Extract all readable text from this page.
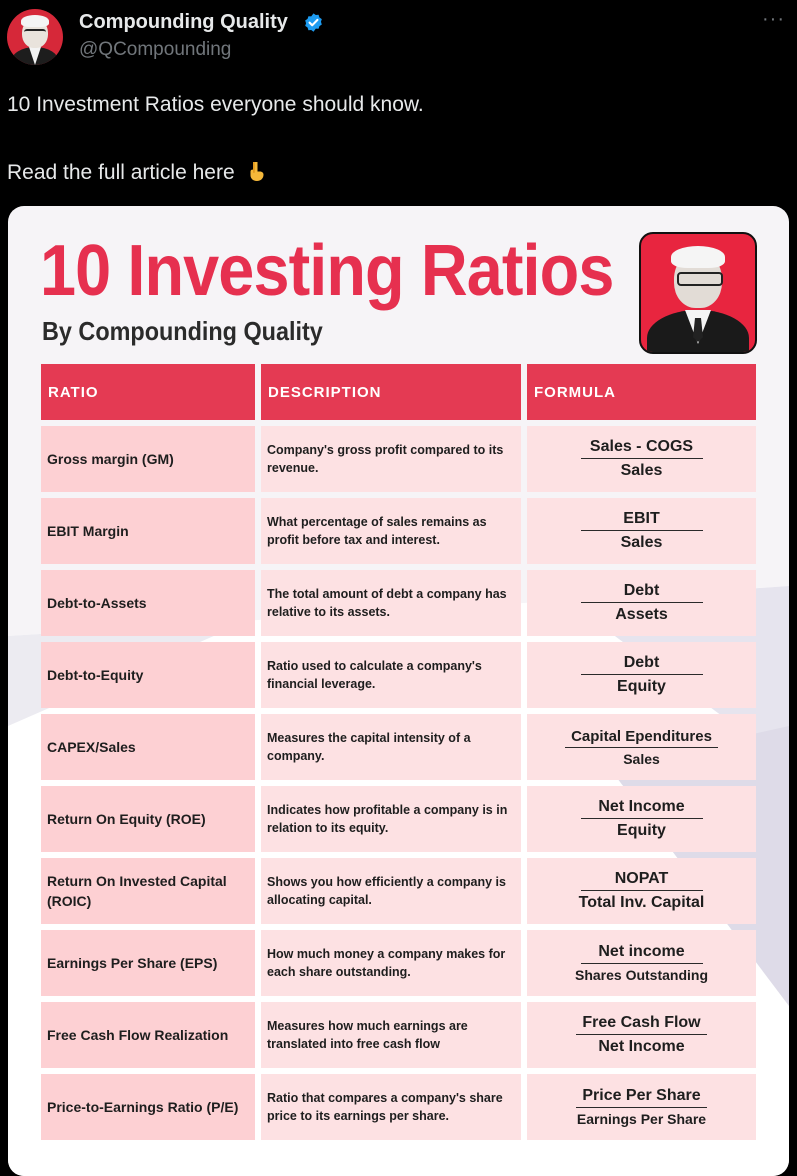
Compounding Quality
@QCompounding
···
10 Investment Ratios everyone should know.
Read the full article here
10 Investing Ratios
By Compounding Quality
RATIO	DESCRIPTION	FORMULA
Gross margin (GM)
Company's gross profit compared to its revenue.
Sales - COGS
Sales
EBIT Margin
What percentage of sales remains as profit before tax and interest.
EBIT
Sales
Debt-to-Assets
The total amount of debt a company has relative to its assets.
Debt
Assets
Debt-to-Equity
Ratio used to calculate a company's financial leverage.
Debt
Equity
CAPEX/Sales
Measures the capital intensity of a company.
Capital Ependitures
Sales
Return On Equity (ROE)
Indicates how profitable a company is in relation to its equity.
Net Income
Equity
Return On Invested Capital (ROIC)
Shows you how efficiently a company is allocating capital.
NOPAT
Total Inv. Capital
Earnings Per Share (EPS)
How much money a company makes for each share outstanding.
Net income
Shares Outstanding
Free Cash Flow Realization
Measures how much earnings are translated into free cash flow
Free Cash Flow
Net Income
Price-to-Earnings Ratio (P/E)
Ratio that compares a company's share price to its earnings per share.
Price Per Share
Earnings Per Share
